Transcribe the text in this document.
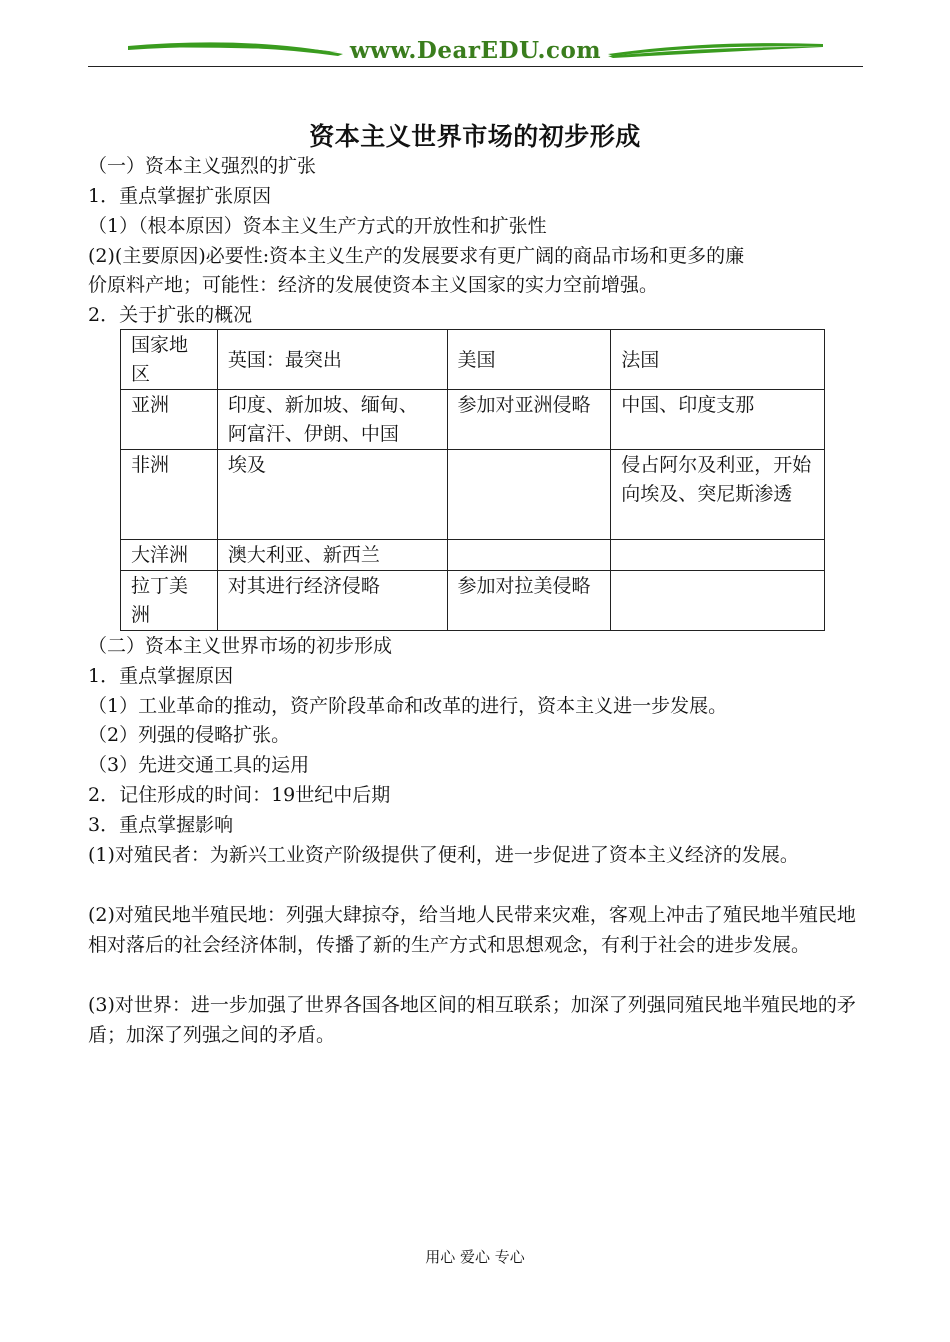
www.DearEDU.com
资本主义世界市场的初步形成
（一）资本主义强烈的扩张
1．重点掌握扩张原因
（1）（根本原因）资本主义生产方式的开放性和扩张性
(2)(主要原因)必要性:资本主义生产的发展要求有更广阔的商品市场和更多的廉
价原料产地；可能性：经济的发展使资本主义国家的实力空前增强。
2．关于扩张的概况
国家地区	英国：最突出	美国	法国
亚洲	印度、新加坡、缅甸、阿富汗、伊朗、中国	参加对亚洲侵略	中国、印度支那
非洲	埃及		侵占阿尔及利亚，开始向埃及、突尼斯渗透
大洋洲	澳大利亚、新西兰		
拉丁美洲	对其进行经济侵略	参加对拉美侵略	
（二）资本主义世界市场的初步形成
1．重点掌握原因
（1）工业革命的推动，资产阶段革命和改革的进行，资本主义进一步发展。
（2）列强的侵略扩张。
（3）先进交通工具的运用
2．记住形成的时间：19世纪中后期
3．重点掌握影响
(1)对殖民者：为新兴工业资产阶级提供了便利，进一步促进了资本主义经济的发展。
(2)对殖民地半殖民地：列强大肆掠夺，给当地人民带来灾难，客观上冲击了殖民地半殖民地相对落后的社会经济体制，传播了新的生产方式和思想观念，有利于社会的进步发展。
(3)对世界：进一步加强了世界各国各地区间的相互联系；加深了列强同殖民地半殖民地的矛盾；加深了列强之间的矛盾。
用心 爱心 专心
